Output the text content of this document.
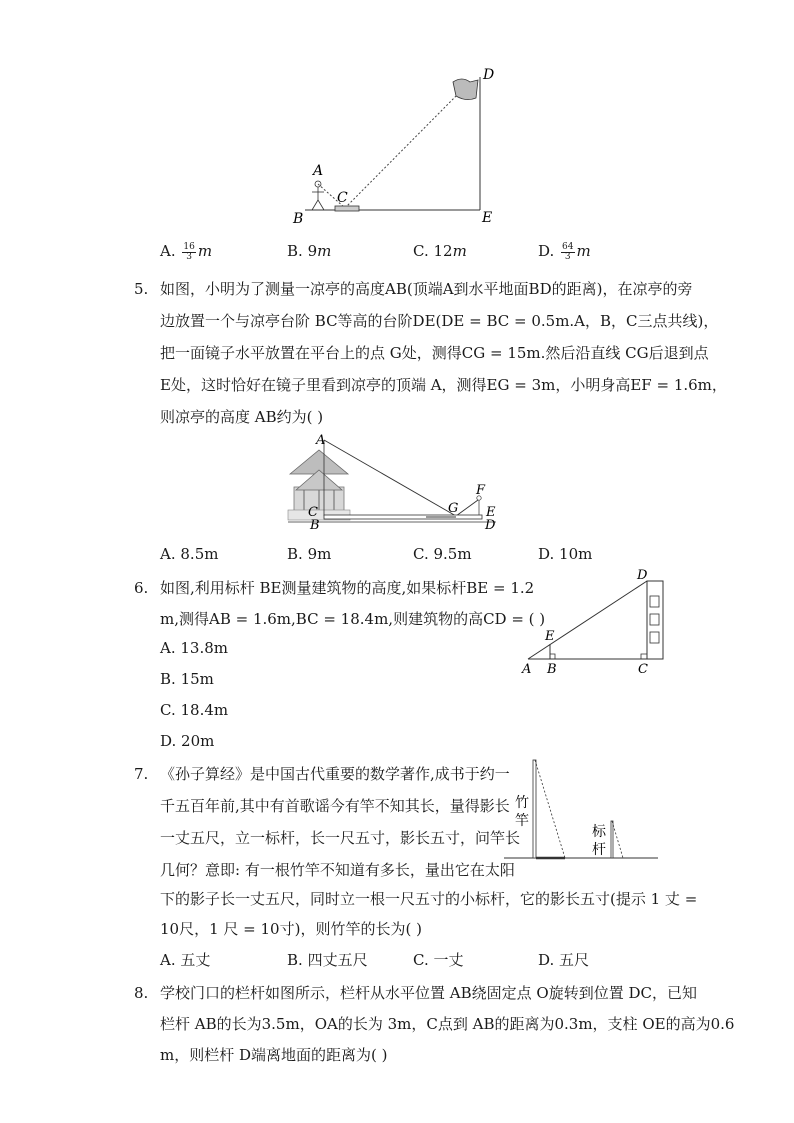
D
A
C
B	E
A. $\frac{16}{3}$ m	B. 9m	C. 12m	D. $\frac{64}{3}$ m
5. 如图，小明为了测量一凉亭的高度AB(顶端A到水平地面BD的距离)，在凉亭的旁
边放置一个与凉亭台阶 BC等高的台阶DE(DE = BC = 0.5m.A，B，C三点共线)，
把一面镜子水平放置在平台上的点 G处，测得CG = 15m.然后沿直线 CG后退到点
E处，这时恰好在镜子里看到凉亭的顶端 A，测得EG = 3m，小明身高EF = 1.6m，
则凉亭的高度 AB约为( )
A
F
G
C
B
E
D
A. 8.5m	B. 9m	C. 9.5m	D. 10m
6. 如图,利用标杆 BE测量建筑物的高度,如果标杆BE = 1.2
m,测得AB = 1.6m,BC = 18.4m,则建筑物的高CD = ( )
A. 13.8m
B. 15m
C. 18.4m
D. 20m
D
E
A B	C
7. 《孙子算经》是中国古代重要的数学著作,成书于约一
千五百年前,其中有首歌谣今有竿不知其长，量得影长
一丈五尺，立一标杆，长一尺五寸，影长五寸，问竿长
几何？意即: 有一根竹竿不知道有多长，量出它在太阳
下的影子长一丈五尺，同时立一根一尺五寸的小标杆，它的影长五寸(提示 1 丈 =
10尺，1 尺 = 10寸)，则竹竿的长为( )
竹
竿
标
杆
A. 五丈	B. 四丈五尺	C. 一丈	D. 五尺
8. 学校门口的栏杆如图所示，栏杆从水平位置 AB绕固定点 O旋转到位置 DC，已知
栏杆 AB的长为3.5m，OA的长为 3m，C点到 AB的距离为0.3m，支柱 OE的高为0.6
m，则栏杆 D端离地面的距离为( )
